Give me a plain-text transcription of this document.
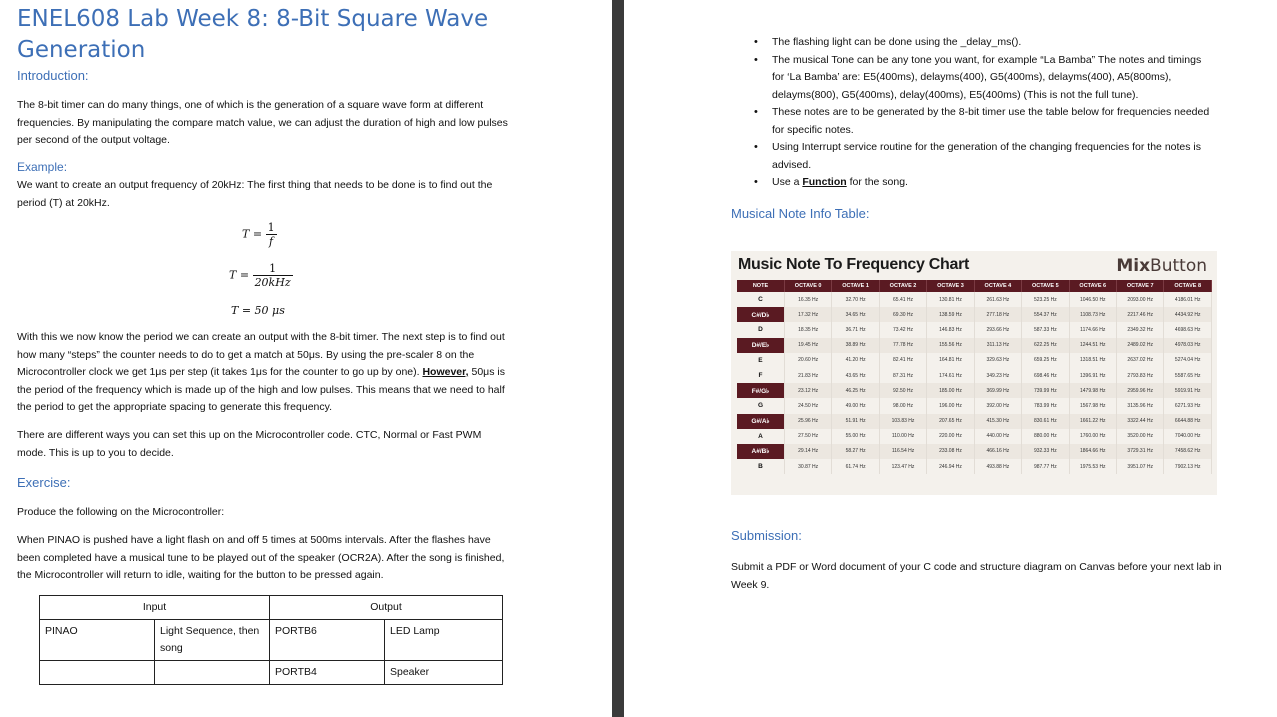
ENEL608 Lab Week 8: 8-Bit Square Wave
Generation
Introduction:
The 8-bit timer can do many things, one of which is the generation of a square wave form at different frequencies. By manipulating the compare match value, we can adjust the duration of high and low pulses per second of the output voltage.
Example:
We want to create an output frequency of 20kHz: The first thing that needs to be done is to find out the period (T) at 20kHz.
$T = \frac{1}{f}$
$T = \frac{1}{\text{20kHz}}$
T = 50 μs
With this we now know the period we can create an output with the 8-bit timer. The next step is to find out how many “steps” the counter needs to do to get a match at 50μs. By using the pre-scaler 8 on the Microcontroller clock we get 1μs per step (it takes 1μs for the counter to go up by one). However, 50μs is the period of the frequency which is made up of the high and low pulses. This means that we need to half the period to get the appropriate spacing to generate this frequency.
There are different ways you can set this up on the Microcontroller code. CTC, Normal or Fast PWM mode. This is up to you to decide.
Exercise:
Produce the following on the Microcontroller:
When PINAO is pushed have a light flash on and off 5 times at 500ms intervals. After the flashes have been completed have a musical tune to be played out of the speaker (OCR2A). After the song is finished, the Microcontroller will return to idle, waiting for the button to be pressed again.
Input		Output	
PINAO	Light Sequence, then song	PORTB6	LED Lamp
		PORTB4	Speaker
• The flashing light can be done using the _delay_ms().
• The musical Tone can be any tone you want, for example “La Bamba” The notes and timings for ‘La Bamba’ are: E5(400ms), delayms(400), G5(400ms), delayms(400), A5(800ms), delayms(800), G5(400ms), delay(400ms), E5(400ms) (This is not the full tune).
• These notes are to be generated by the 8-bit timer use the table below for frequencies needed for specific notes.
• Using Interrupt service routine for the generation of the changing frequencies for the notes is advised.
• Use a Function for the song.
Musical Note Info Table:
Music Note To Frequency Chart	MixButton
NOTE	OCTAVE 0	OCTAVE 1	OCTAVE 2	OCTAVE 3	OCTAVE 4	OCTAVE 5	OCTAVE 6	OCTAVE 7	OCTAVE 8
C	16.35 Hz	32.70 Hz	65.41 Hz	130.81 Hz	261.63 Hz	523.25 Hz	1046.50 Hz	2093.00 Hz	4186.01 Hz
C#/D♭	17.32 Hz	34.65 Hz	69.30 Hz	138.59 Hz	277.18 Hz	554.37 Hz	1108.73 Hz	2217.46 Hz	4434.92 Hz
D	18.35 Hz	36.71 Hz	73.42 Hz	146.83 Hz	293.66 Hz	587.33 Hz	1174.66 Hz	2349.32 Hz	4698.63 Hz
D#/E♭	19.45 Hz	38.89 Hz	77.78 Hz	155.56 Hz	311.13 Hz	622.25 Hz	1244.51 Hz	2489.02 Hz	4978.03 Hz
E	20.60 Hz	41.20 Hz	82.41 Hz	164.81 Hz	329.63 Hz	659.25 Hz	1318.51 Hz	2637.02 Hz	5274.04 Hz
F	21.83 Hz	43.65 Hz	87.31 Hz	174.61 Hz	349.23 Hz	698.46 Hz	1396.91 Hz	2793.83 Hz	5587.65 Hz
F#/G♭	23.12 Hz	46.25 Hz	92.50 Hz	185.00 Hz	369.99 Hz	739.99 Hz	1479.98 Hz	2959.96 Hz	5919.91 Hz
G	24.50 Hz	49.00 Hz	98.00 Hz	196.00 Hz	392.00 Hz	783.99 Hz	1567.98 Hz	3135.96 Hz	6271.93 Hz
G#/A♭	25.96 Hz	51.91 Hz	103.83 Hz	207.65 Hz	415.30 Hz	830.61 Hz	1661.22 Hz	3322.44 Hz	6644.88 Hz
A	27.50 Hz	55.00 Hz	110.00 Hz	220.00 Hz	440.00 Hz	880.00 Hz	1760.00 Hz	3520.00 Hz	7040.00 Hz
A#/B♭	29.14 Hz	58.27 Hz	116.54 Hz	233.08 Hz	466.16 Hz	932.33 Hz	1864.66 Hz	3729.31 Hz	7458.62 Hz
B	30.87 Hz	61.74 Hz	123.47 Hz	246.94 Hz	493.88 Hz	987.77 Hz	1975.53 Hz	3951.07 Hz	7902.13 Hz
Submission:
Submit a PDF or Word document of your C code and structure diagram on Canvas before your next lab in Week 9.
